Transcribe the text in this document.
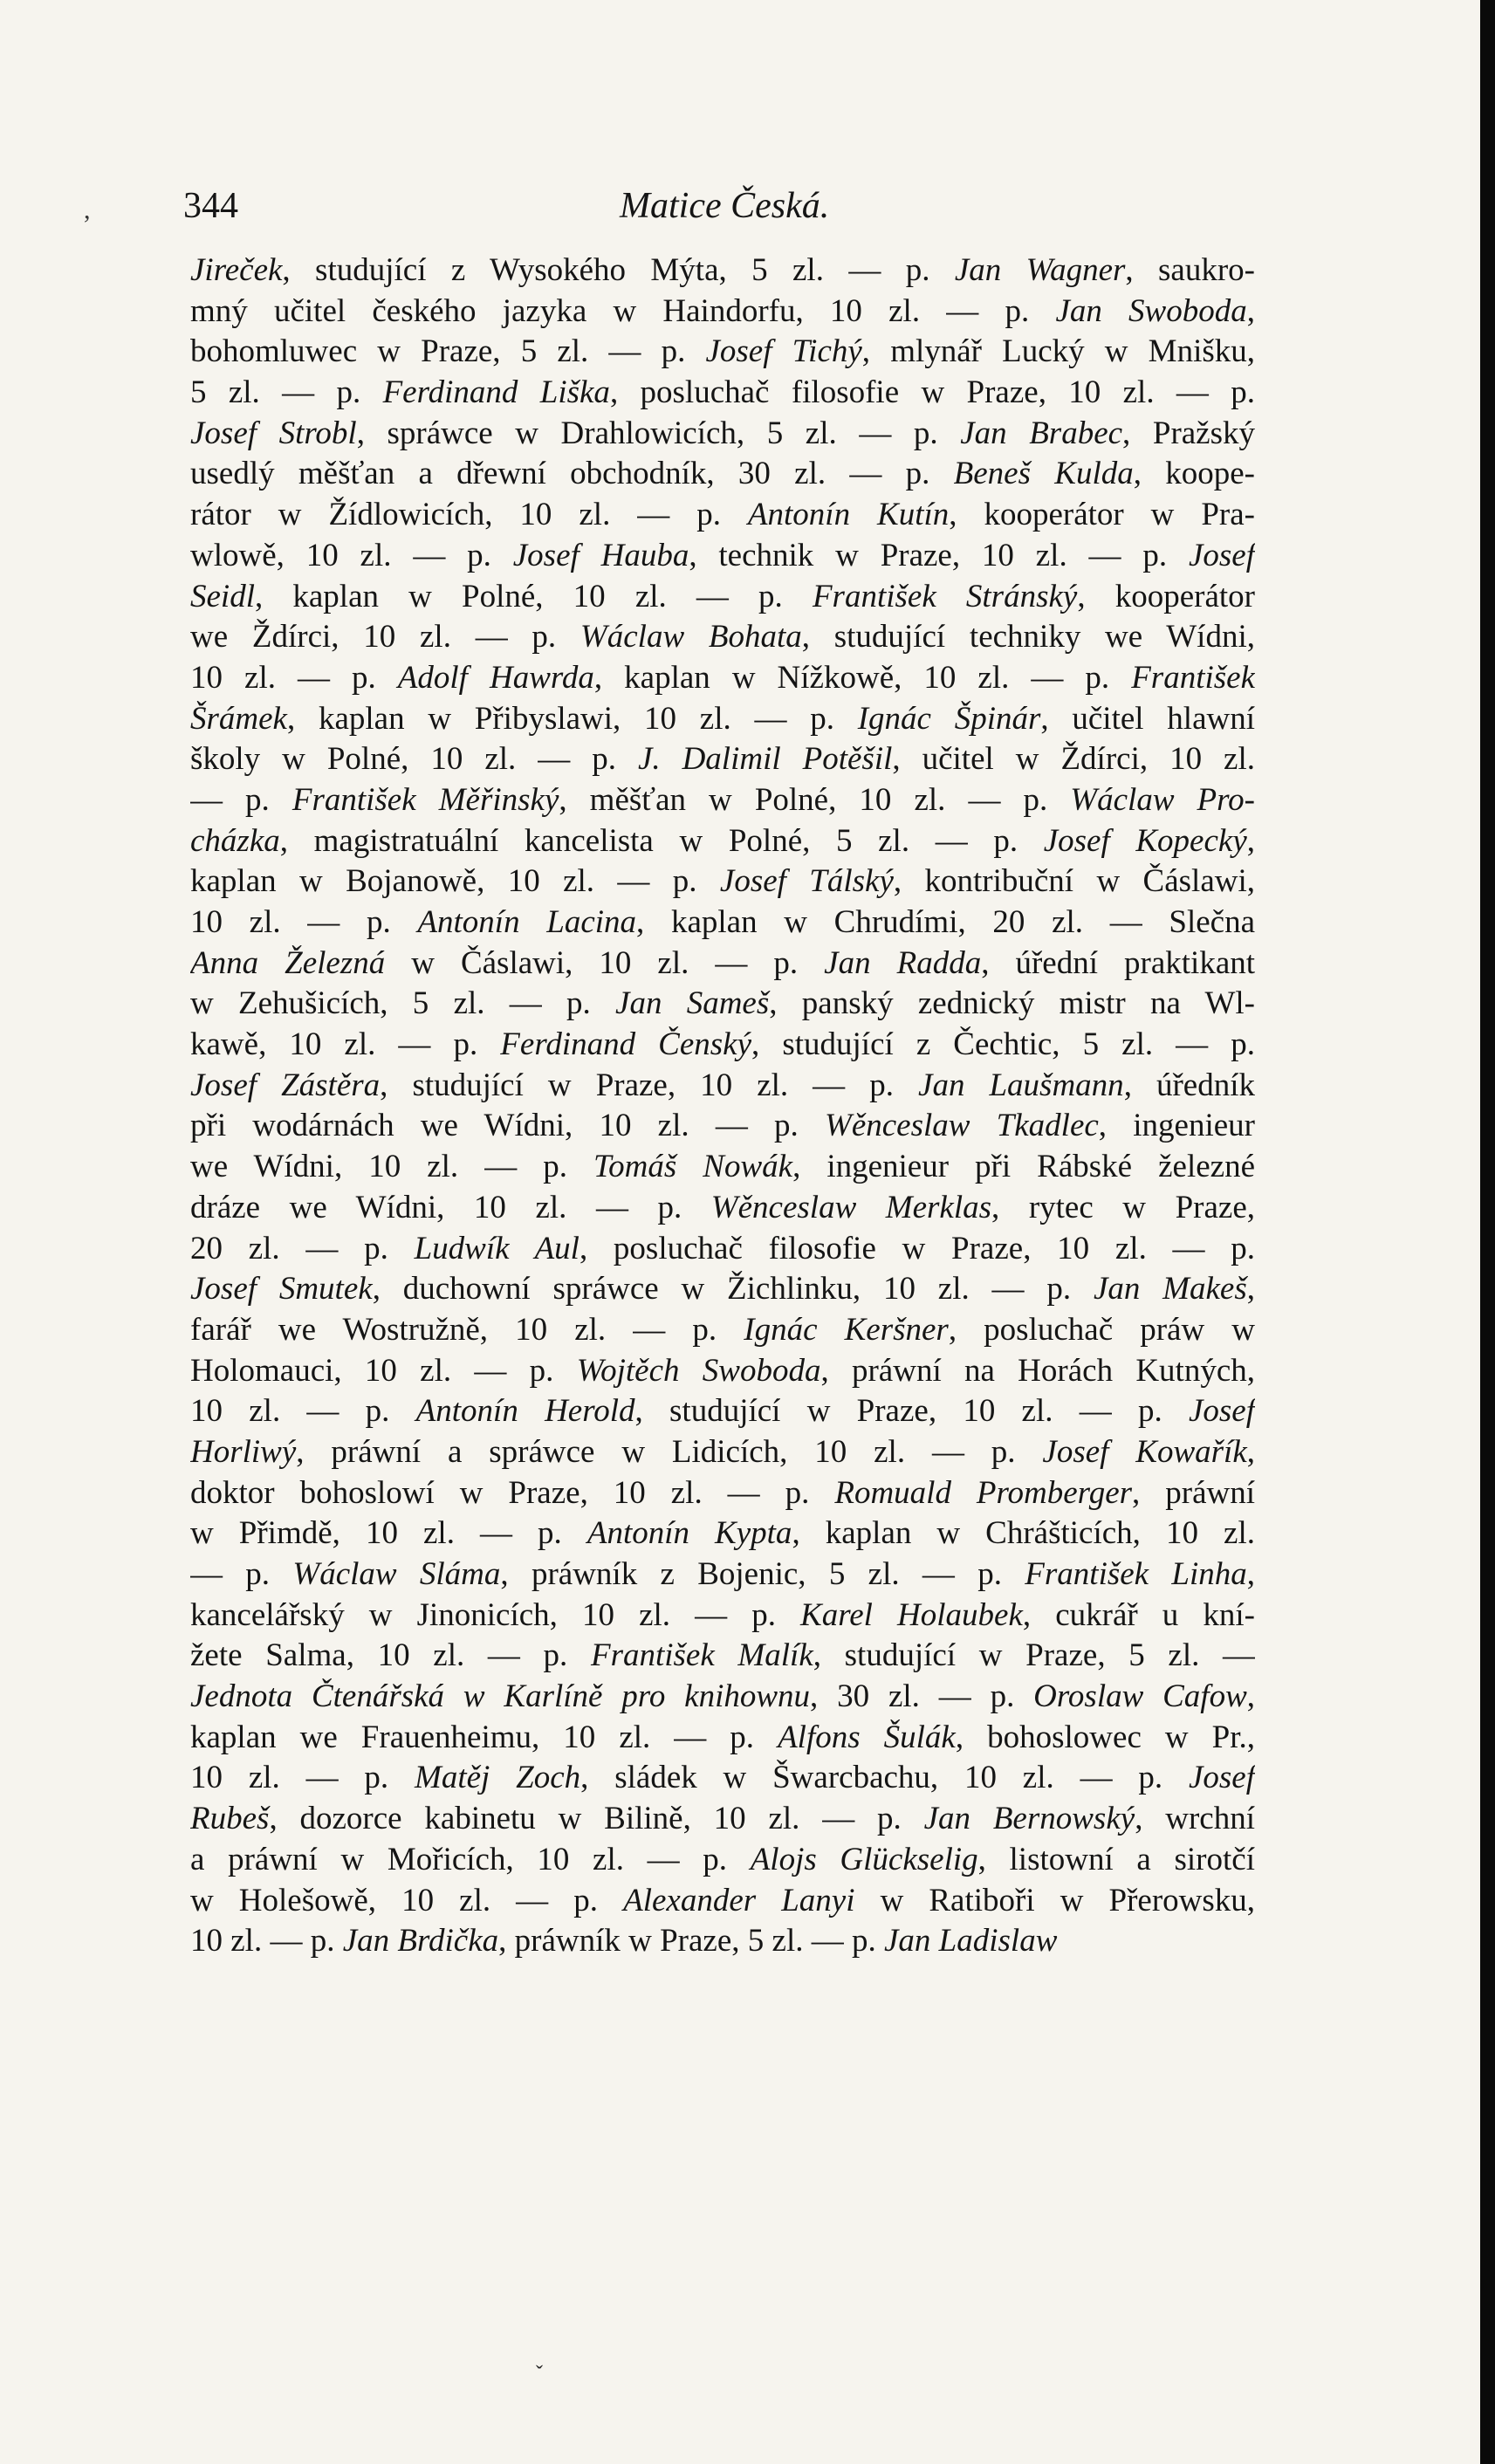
344	Matice Česká.
Jireček, studující z Wysokého Mýta, 5 zl. — p. Jan Wagner, saukro-
mný učitel českého jazyka w Haindorfu, 10 zl. — p. Jan Swoboda,
bohomluwec w Praze, 5 zl. — p. Josef Tichý, mlynář Lucký w Mnišku,
5 zl. — p. Ferdinand Liška, posluchač filosofie w Praze, 10 zl. — p.
Josef Strobl, spráwce w Drahlowicích, 5 zl. — p. Jan Brabec, Pražský
usedlý měšťan a dřewní obchodník, 30 zl. — p. Beneš Kulda, koope-
rátor w Žídlowicích, 10 zl. — p. Antonín Kutín, kooperátor w Pra-
wlowě, 10 zl. — p. Josef Hauba, technik w Praze, 10 zl. — p. Josef
Seidl, kaplan w Polné, 10 zl. — p. František Stránský, kooperátor
we Ždírci, 10 zl. — p. Wáclaw Bohata, studující techniky we Wídni,
10 zl. — p. Adolf Hawrda, kaplan w Nížkowě, 10 zl. — p. František
Šrámek, kaplan w Přibyslawi, 10 zl. — p. Ignác Špinár, učitel hlawní
školy w Polné, 10 zl. — p. J. Dalimil Potěšil, učitel w Ždírci, 10 zl.
— p. František Měřinský, měšťan w Polné, 10 zl. — p. Wáclaw Pro-
cházka, magistratuální kancelista w Polné, 5 zl. — p. Josef Kopecký,
kaplan w Bojanowě, 10 zl. — p. Josef Tálský, kontribuční w Čáslawi,
10 zl. — p. Antonín Lacina, kaplan w Chrudími, 20 zl. — Slečna
Anna Železná w Čáslawi, 10 zl. — p. Jan Radda, úřední praktikant
w Zehušicích, 5 zl. — p. Jan Sameš, panský zednický mistr na Wl-
kawě, 10 zl. — p. Ferdinand Čenský, studující z Čechtic, 5 zl. — p.
Josef Zástěra, studující w Praze, 10 zl. — p. Jan Laušmann, úředník
při wodárnách we Wídni, 10 zl. — p. Wěnceslaw Tkadlec, ingenieur
we Wídni, 10 zl. — p. Tomáš Nowák, ingenieur při Rábské železné
dráze we Wídni, 10 zl. — p. Wěnceslaw Merklas, rytec w Praze,
20 zl. — p. Ludwík Aul, posluchač filosofie w Praze, 10 zl. — p.
Josef Smutek, duchowní spráwce w Žichlinku, 10 zl. — p. Jan Makeš,
farář we Wostružně, 10 zl. — p. Ignác Keršner, posluchač práw w
Holomauci, 10 zl. — p. Wojtěch Swoboda, práwní na Horách Kutných,
10 zl. — p. Antonín Herold, studující w Praze, 10 zl. — p. Josef
Horliwý, práwní a spráwce w Lidicích, 10 zl. — p. Josef Kowařík,
doktor bohoslowí w Praze, 10 zl. — p. Romuald Promberger, práwní
w Přimdě, 10 zl. — p. Antonín Kypta, kaplan w Chrášticích, 10 zl.
— p. Wáclaw Sláma, práwník z Bojenic, 5 zl. — p. František Linha,
kancelářský w Jinonicích, 10 zl. — p. Karel Holaubek, cukrář u kní-
žete Salma, 10 zl. — p. František Malík, studující w Praze, 5 zl. —
Jednota Čtenářská w Karlíně pro knihownu, 30 zl. — p. Oroslaw Cafow,
kaplan we Frauenheimu, 10 zl. — p. Alfons Šulák, bohoslowec w Pr.,
10 zl. — p. Matěj Zoch, sládek w Šwarcbachu, 10 zl. — p. Josef
Rubeš, dozorce kabinetu w Bilině, 10 zl. — p. Jan Bernowský, wrchní
a práwní w Mořicích, 10 zl. — p. Alojs Glückselig, listowní a sirotčí
w Holešowě, 10 zl. — p. Alexander Lanyi w Ratiboři w Přerowsku,
10 zl. — p. Jan Brdička, práwník w Praze, 5 zl. — p. Jan Ladislaw
ˇ
,
